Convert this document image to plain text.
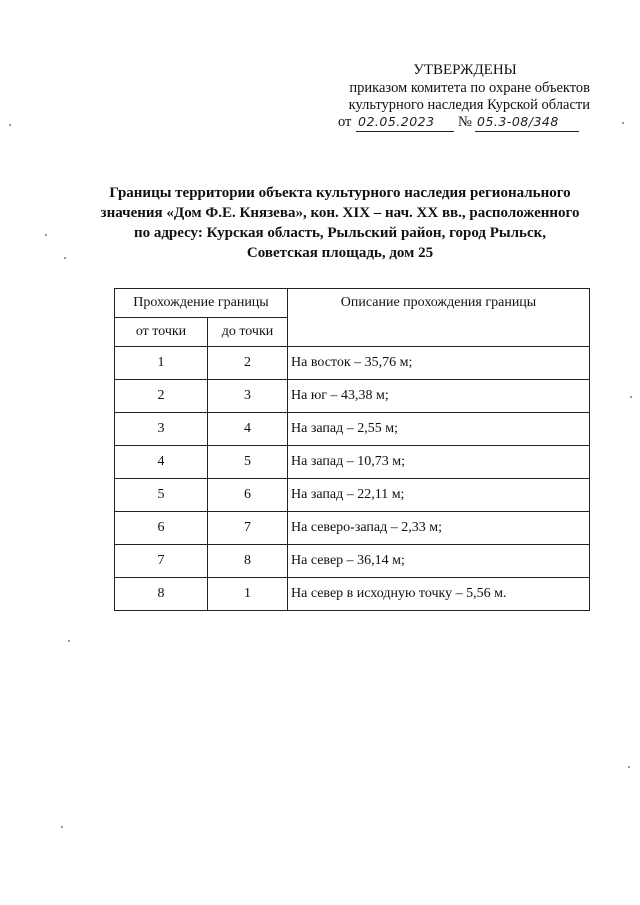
УТВЕРЖДЕНЫ
приказом комитета по охране объектов
культурного наследия Курской области
от 02.05.2023 № 05.3-08/348
Границы территории объекта культурного наследия регионального
значения «Дом Ф.Е. Князева», кон. XIX – нач. XX вв., расположенного
по адресу: Курская область, Рыльский район, город Рыльск,
Советская площадь, дом 25
Прохождение границы		Описание прохождения границы
от точки	до точки	
1	2	На восток – 35,76 м;
2	3	На юг – 43,38 м;
3	4	На запад – 2,55 м;
4	5	На запад – 10,73 м;
5	6	На запад – 22,11 м;
6	7	На северо-запад – 2,33 м;
7	8	На север – 36,14 м;
8	1	На север в исходную точку – 5,56 м.
